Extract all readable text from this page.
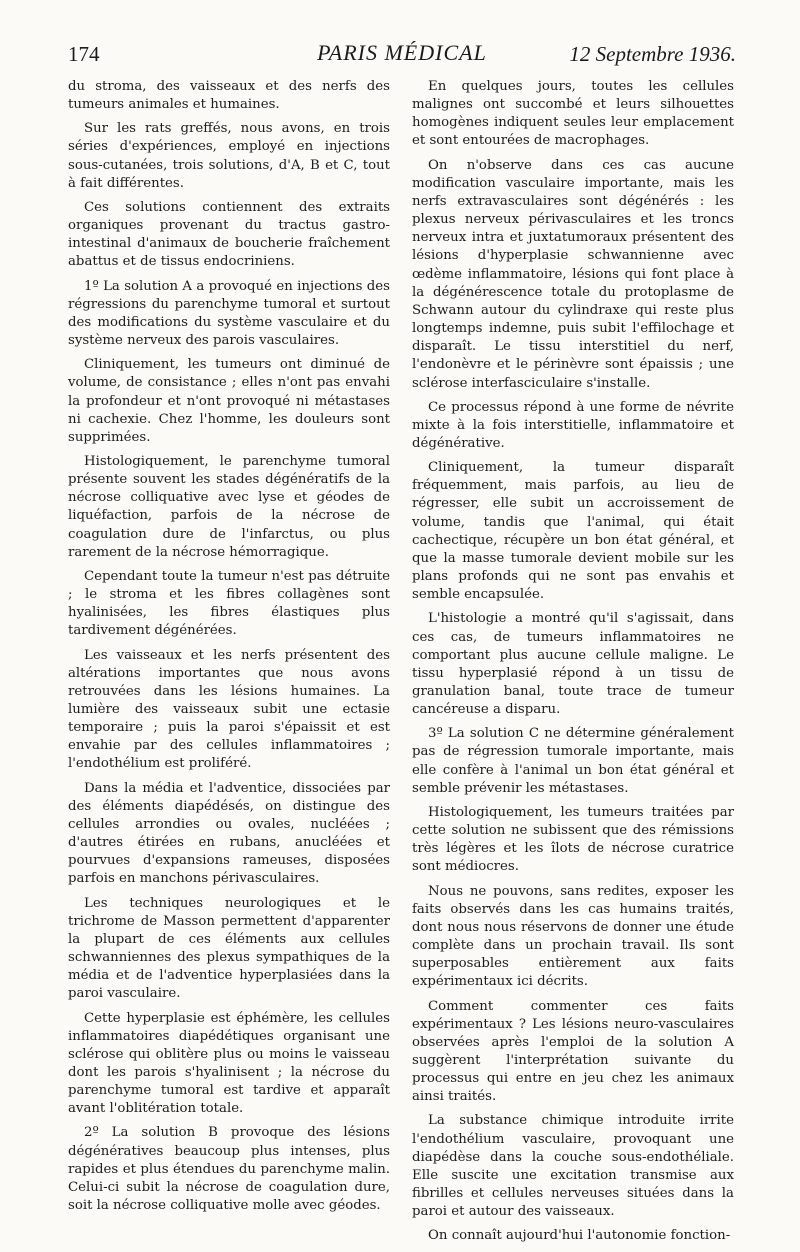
174	PARIS MÉDICAL	12 Septembre 1936.

du stroma, des vaisseaux et des nerfs des tumeurs animales et humaines.

Sur les rats greffés, nous avons, en trois séries d'expériences, employé en injections sous-cutanées, trois solutions, d'A, B et C, tout à fait différentes.

Ces solutions contiennent des extraits organiques provenant du tractus gastro-intestinal d'animaux de boucherie fraîchement abattus et de tissus endocriniens.

1º La solution A a provoqué en injections des régressions du parenchyme tumoral et surtout des modifications du système vasculaire et du système nerveux des parois vasculaires.

Cliniquement, les tumeurs ont diminué de volume, de consistance ; elles n'ont pas envahi la profondeur et n'ont provoqué ni métastases ni cachexie. Chez l'homme, les douleurs sont supprimées.

Histologiquement, le parenchyme tumoral présente souvent les stades dégénératifs de la nécrose colliquative avec lyse et géodes de liquéfaction, parfois de la nécrose de coagulation dure de l'infarctus, ou plus rarement de la nécrose hémorragique.

Cependant toute la tumeur n'est pas détruite ; le stroma et les fibres collagènes sont hyalinisées, les fibres élastiques plus tardivement dégénérées.

Les vaisseaux et les nerfs présentent des altérations importantes que nous avons retrouvées dans les lésions humaines. La lumière des vaisseaux subit une ectasie temporaire ; puis la paroi s'épaissit et est envahie par des cellules inflammatoires ; l'endothélium est proliféré.

Dans la média et l'adventice, dissociées par des éléments diapédésés, on distingue des cellules arrondies ou ovales, nucléées ; d'autres étirées en rubans, anucléées et pourvues d'expansions rameuses, disposées parfois en manchons périvasculaires.

Les techniques neurologiques et le trichrome de Masson permettent d'apparenter la plupart de ces éléments aux cellules schwanniennes des plexus sympathiques de la média et de l'adventice hyperplasiées dans la paroi vasculaire.

Cette hyperplasie est éphémère, les cellules inflammatoires diapédétiques organisant une sclérose qui oblitère plus ou moins le vaisseau dont les parois s'hyalinisent ; la nécrose du parenchyme tumoral est tardive et apparaît avant l'oblitération totale.

2º La solution B provoque des lésions dégénératives beaucoup plus intenses, plus rapides et plus étendues du parenchyme malin. Celui-ci subit la nécrose de coagulation dure, soit la nécrose colliquative molle avec géodes.

En quelques jours, toutes les cellules malignes ont succombé et leurs silhouettes homogènes indiquent seules leur emplacement et sont entourées de macrophages.

On n'observe dans ces cas aucune modification vasculaire importante, mais les nerfs extravasculaires sont dégénérés : les plexus nerveux périvasculaires et les troncs nerveux intra et juxtatumoraux présentent des lésions d'hyperplasie schwannienne avec œdème inflammatoire, lésions qui font place à la dégénérescence totale du protoplasme de Schwann autour du cylindraxe qui reste plus longtemps indemne, puis subit l'effilochage et disparaît. Le tissu interstitiel du nerf, l'endonèvre et le périnèvre sont épaissis ; une sclérose interfasciculaire s'installe.

Ce processus répond à une forme de névrite mixte à la fois interstitielle, inflammatoire et dégénérative.

Cliniquement, la tumeur disparaît fréquemment, mais parfois, au lieu de régresser, elle subit un accroissement de volume, tandis que l'animal, qui était cachectique, récupère un bon état général, et que la masse tumorale devient mobile sur les plans profonds qui ne sont pas envahis et semble encapsulée.

L'histologie a montré qu'il s'agissait, dans ces cas, de tumeurs inflammatoires ne comportant plus aucune cellule maligne. Le tissu hyperplasié répond à un tissu de granulation banal, toute trace de tumeur cancéreuse a disparu.

3º La solution C ne détermine généralement pas de régression tumorale importante, mais elle confère à l'animal un bon état général et semble prévenir les métastases.

Histologiquement, les tumeurs traitées par cette solution ne subissent que des rémissions très légères et les îlots de nécrose curatrice sont médiocres.

Nous ne pouvons, sans redites, exposer les faits observés dans les cas humains traités, dont nous nous réservons de donner une étude complète dans un prochain travail. Ils sont superposables entièrement aux faits expérimentaux ici décrits.

Comment commenter ces faits expérimentaux ? Les lésions neuro-vasculaires observées après l'emploi de la solution A suggèrent l'interprétation suivante du processus qui entre en jeu chez les animaux ainsi traités.

La substance chimique introduite irrite l'endothélium vasculaire, provoquant une diapédèse dans la couche sous-endothéliale. Elle suscite une excitation transmise aux fibrilles et cellules nerveuses situées dans la paroi et autour des vaisseaux.

On connaît aujourd'hui l'autonomie fonction-
